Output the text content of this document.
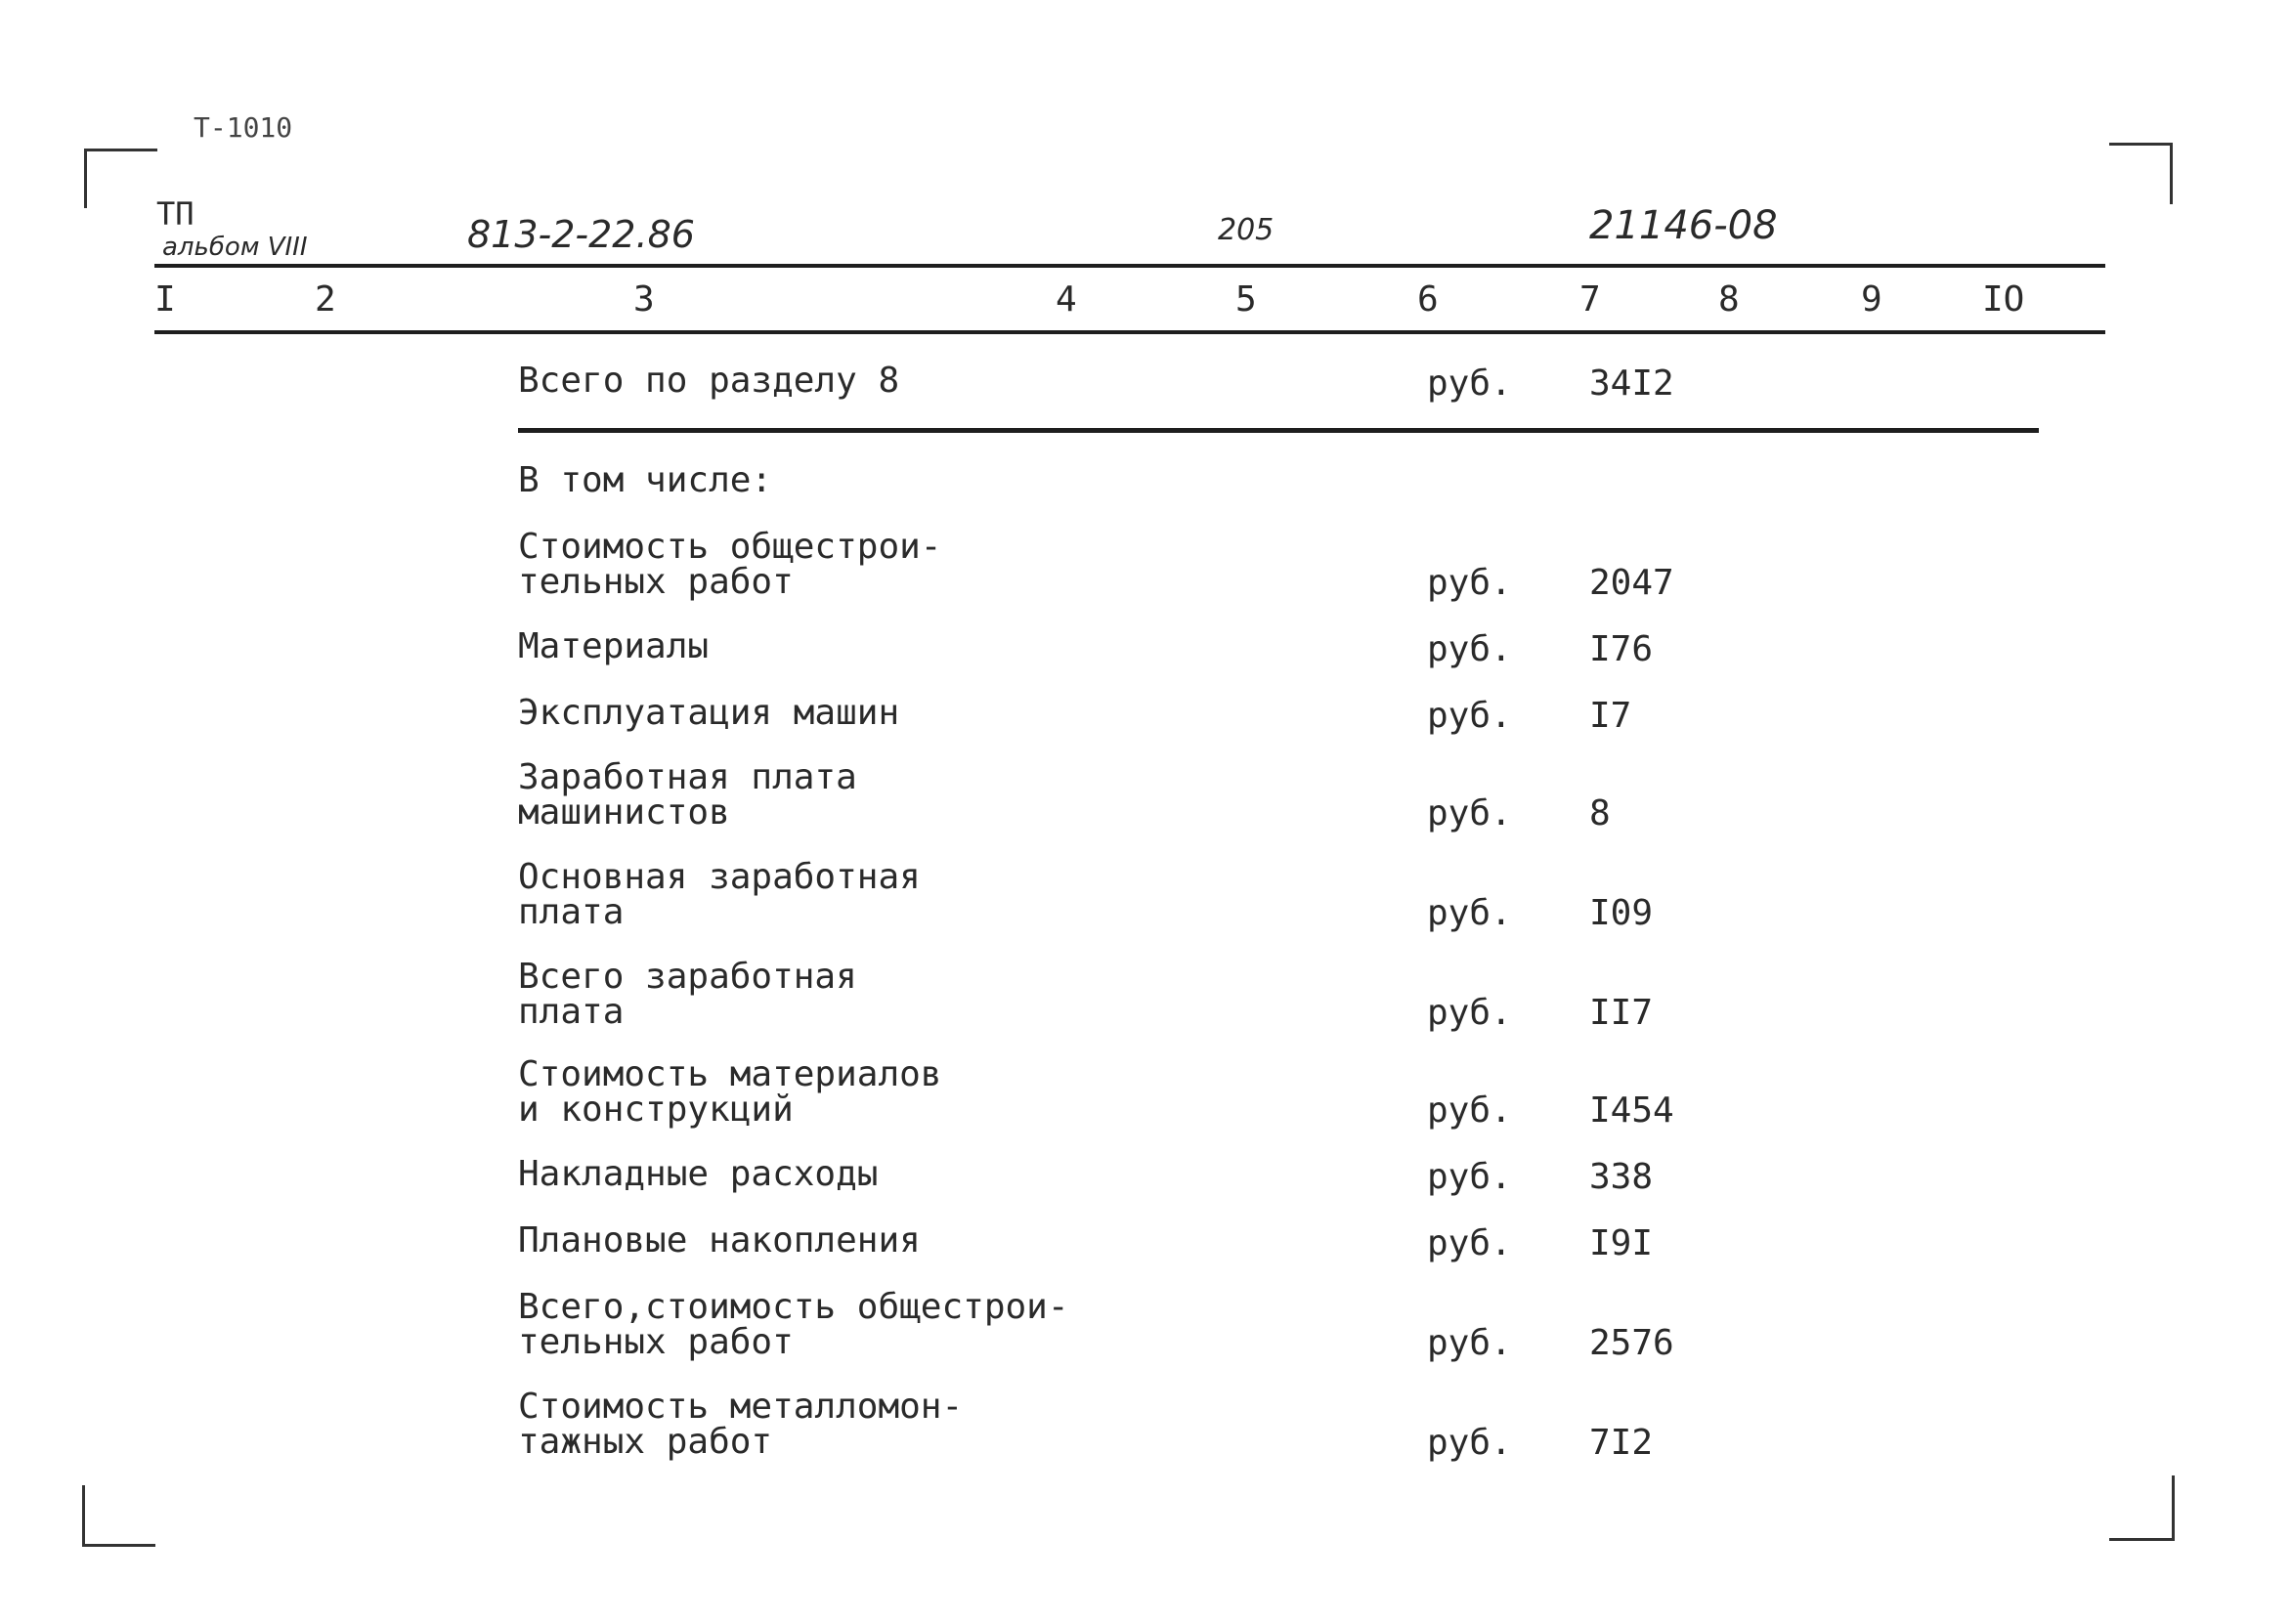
Т-1010
ТП
альбом VIII	813-2-22.86	205	21146-08
I	2	3	4	5	6	7	8	9	IO
Всего по разделу 8	руб. 34I2
В том числе:
Стоимость общестрои-
тельных работ	руб. 2047
Материалы	руб. I76
Эксплуатация машин	руб. I7
Заработная плата
машинистов	руб. 8
Основная заработная
плата	руб. I09
Всего заработная
плата	руб. II7
Стоимость материалов
и конструкций	руб. I454
Накладные расходы	руб. 338
Плановые накопления	руб. I9I
Всего,стоимость общестрои-
тельных работ	руб. 2576
Стоимость металломон-
тажных работ	руб. 7I2
